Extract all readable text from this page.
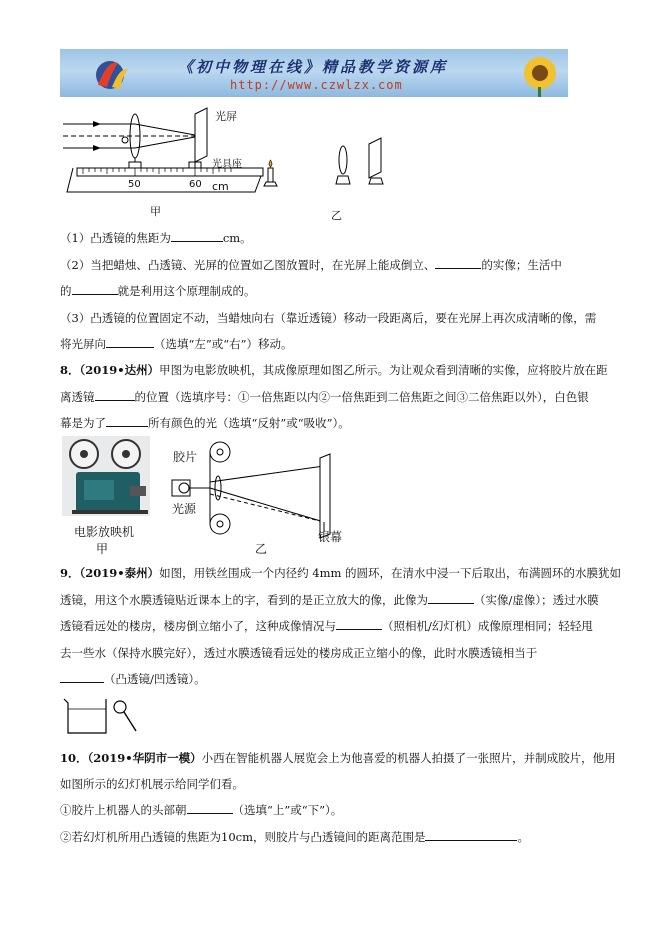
《初中物理在线》精品教学资源库
http://www.czwlzx.com
光屏
光具座
50	60 cm
甲	乙
（1）凸透镜的焦距为	cm。
（2）当把蜡烛、凸透镜、光屏的位置如乙图放置时，在光屏上能成倒立、	的实像；生活中
的	就是利用这个原理制成的。
（3）凸透镜的位置固定不动，当蜡烛向右（靠近透镜）移动一段距离后，要在光屏上再次成清晰的像，需
将光屏向	（选填“左”或“右”）移动。
8．（2019•达州）甲图为电影放映机，其成像原理如图乙所示。为让观众看到清晰的实像，应将胶片放在距
离透镜	的位置（选填序号：①一倍焦距以内②一倍焦距到二倍焦距之间③二倍焦距以外），白色银
幕是为了	所有颜色的光（选填“反射”或“吸收”）。
胶片
光源
银幕
电影放映机
甲	乙
9．（2019•泰州）如图，用铁丝围成一个内径约 4mm 的圆环，在清水中浸一下后取出，布满圆环的水膜犹如
透镜，用这个水膜透镜贴近课本上的字，看到的是正立放大的像，此像为	（实像/虚像）；透过水膜
透镜看远处的楼房，楼房倒立缩小了，这种成像情况与	（照相机/幻灯机）成像原理相同；轻轻甩
去一些水（保持水膜完好），透过水膜透镜看远处的楼房成正立缩小的像，此时水膜透镜相当于
（凸透镜/凹透镜）。
10．（2019•华阴市一模）小西在智能机器人展览会上为他喜爱的机器人拍摄了一张照片，并制成胶片，他用
如图所示的幻灯机展示给同学们看。
①胶片上机器人的头部朝	（选填“上”或“下”）。
②若幻灯机所用凸透镜的焦距为10cm，则胶片与凸透镜间的距离范围是	。
